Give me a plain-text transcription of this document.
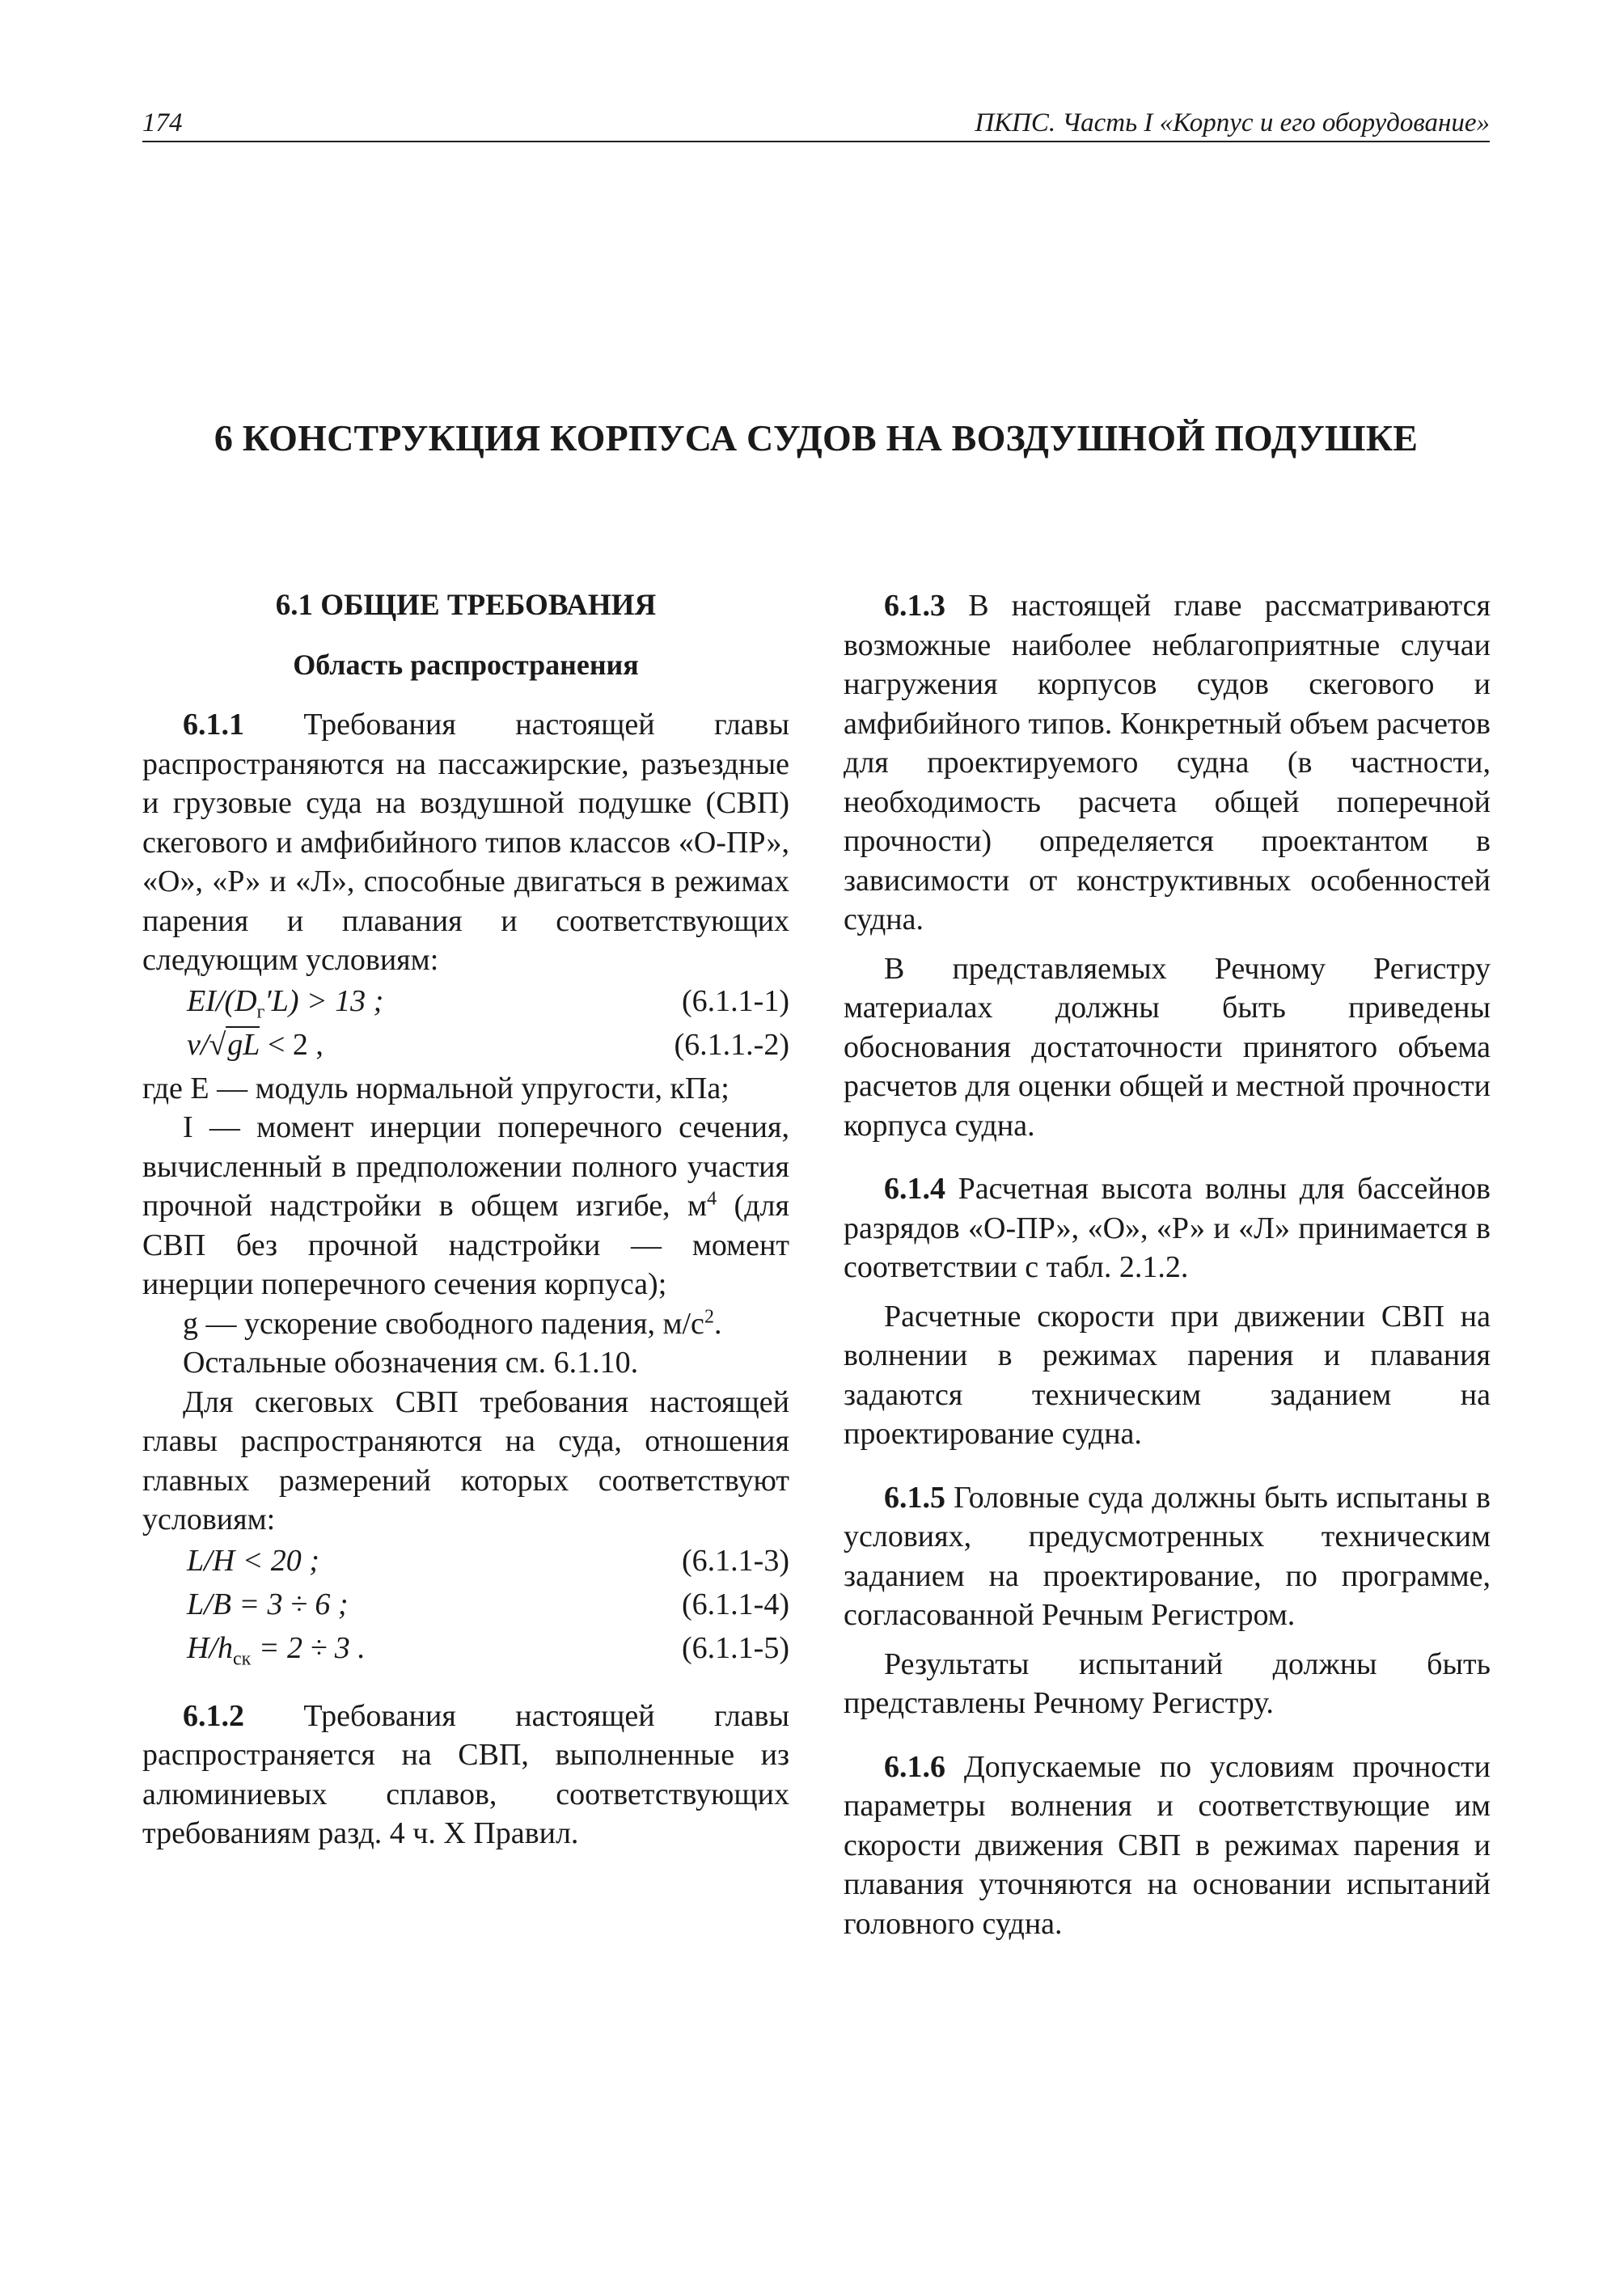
174	ПКПС. Часть I «Корпус и его оборудование»
6 КОНСТРУКЦИЯ КОРПУСА СУДОВ НА ВОЗДУШНОЙ ПОДУШКЕ
6.1 ОБЩИЕ ТРЕБОВАНИЯ
Область распространения

6.1.1 Требования настоящей главы распространяются на пассажирские, разъездные и грузовые суда на воздушной подушке (СВП) скегового и амфибийного типов классов «О-ПР», «О», «Р» и «Л», способные двигаться в режимах парения и плавания и соответствующих следующим условиям:

$EI/(D_г'L) > 13$ ;	(6.1.1-1)
v/√gL < 2 ,	(6.1.1.-2)

где E — модуль нормальной упругости, кПа;

I — момент инерции поперечного сечения, вычисленный в предположении полного участия прочной надстройки в общем изгибе, $м^4$ (для СВП без прочной надстройки — момент инерции поперечного сечения корпуса);

g — ускорение свободного падения, $м/с^2$.

Остальные обозначения см. 6.1.10.

Для скеговых СВП требования настоящей главы распространяются на суда, отношения главных размерений которых соответствуют условиям:

L/H < 20 ;	(6.1.1-3)
L/B = 3 ÷ 6 ;	(6.1.1-4)
$H/h_{ск} = 2 \div 3$ .	(6.1.1-5)

6.1.2 Требования настоящей главы распространяется на СВП, выполненные из алюминиевых сплавов, соответствующих требованиям разд. 4 ч. X Правил.

6.1.3 В настоящей главе рассматриваются возможные наиболее неблагоприятные случаи нагружения корпусов судов скегового и амфибийного типов. Конкретный объем расчетов для проектируемого судна (в частности, необходимость расчета общей поперечной прочности) определяется проектантом в зависимости от конструктивных особенностей судна.

В представляемых Речному Регистру материалах должны быть приведены обоснования достаточности принятого объема расчетов для оценки общей и местной прочности корпуса судна.

6.1.4 Расчетная высота волны для бассейнов разрядов «О-ПР», «О», «Р» и «Л» принимается в соответствии с табл. 2.1.2.

Расчетные скорости при движении СВП на волнении в режимах парения и плавания задаются техническим заданием на проектирование судна.

6.1.5 Головные суда должны быть испытаны в условиях, предусмотренных техническим заданием на проектирование, по программе, согласованной Речным Регистром.

Результаты испытаний должны быть представлены Речному Регистру.

6.1.6 Допускаемые по условиям прочности параметры волнения и соответствующие им скорости движения СВП в режимах парения и плавания уточняются на основании испытаний головного судна.
